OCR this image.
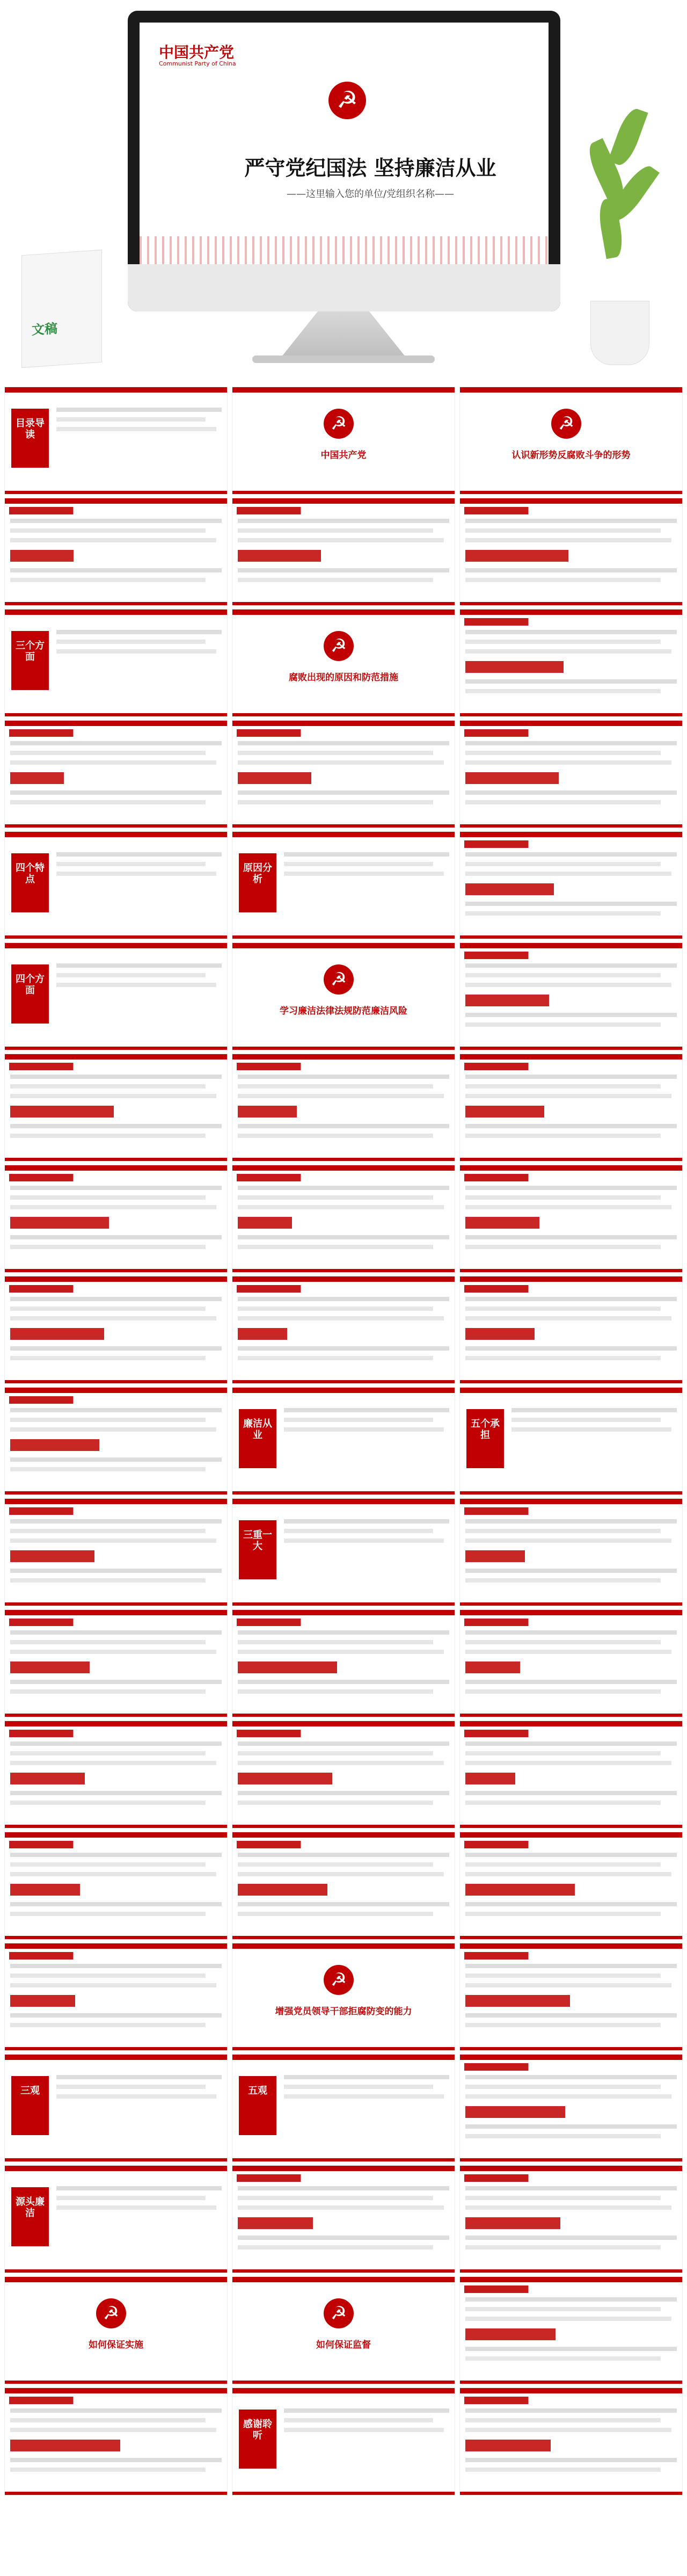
文稿
中国共产党
Communist Party of China
☭
严守党纪国法 坚持廉洁从业
——这里输入您的单位/党组织名称——
目录导读
☭
中国共产党
☭	认识新形势反腐败斗争的形势
三个方面
☭
腐败出现的原因和防范措施
四个特点
原因分析
四个方面
☭
学习廉洁法律法规防范廉洁风险
廉洁从业
五个承担
三重一大
☭
增强党员领导干部拒腐防变的能力
三观	五观
源头廉洁
☭
如何保证实施
☭	如何保证监督
感谢聆听
